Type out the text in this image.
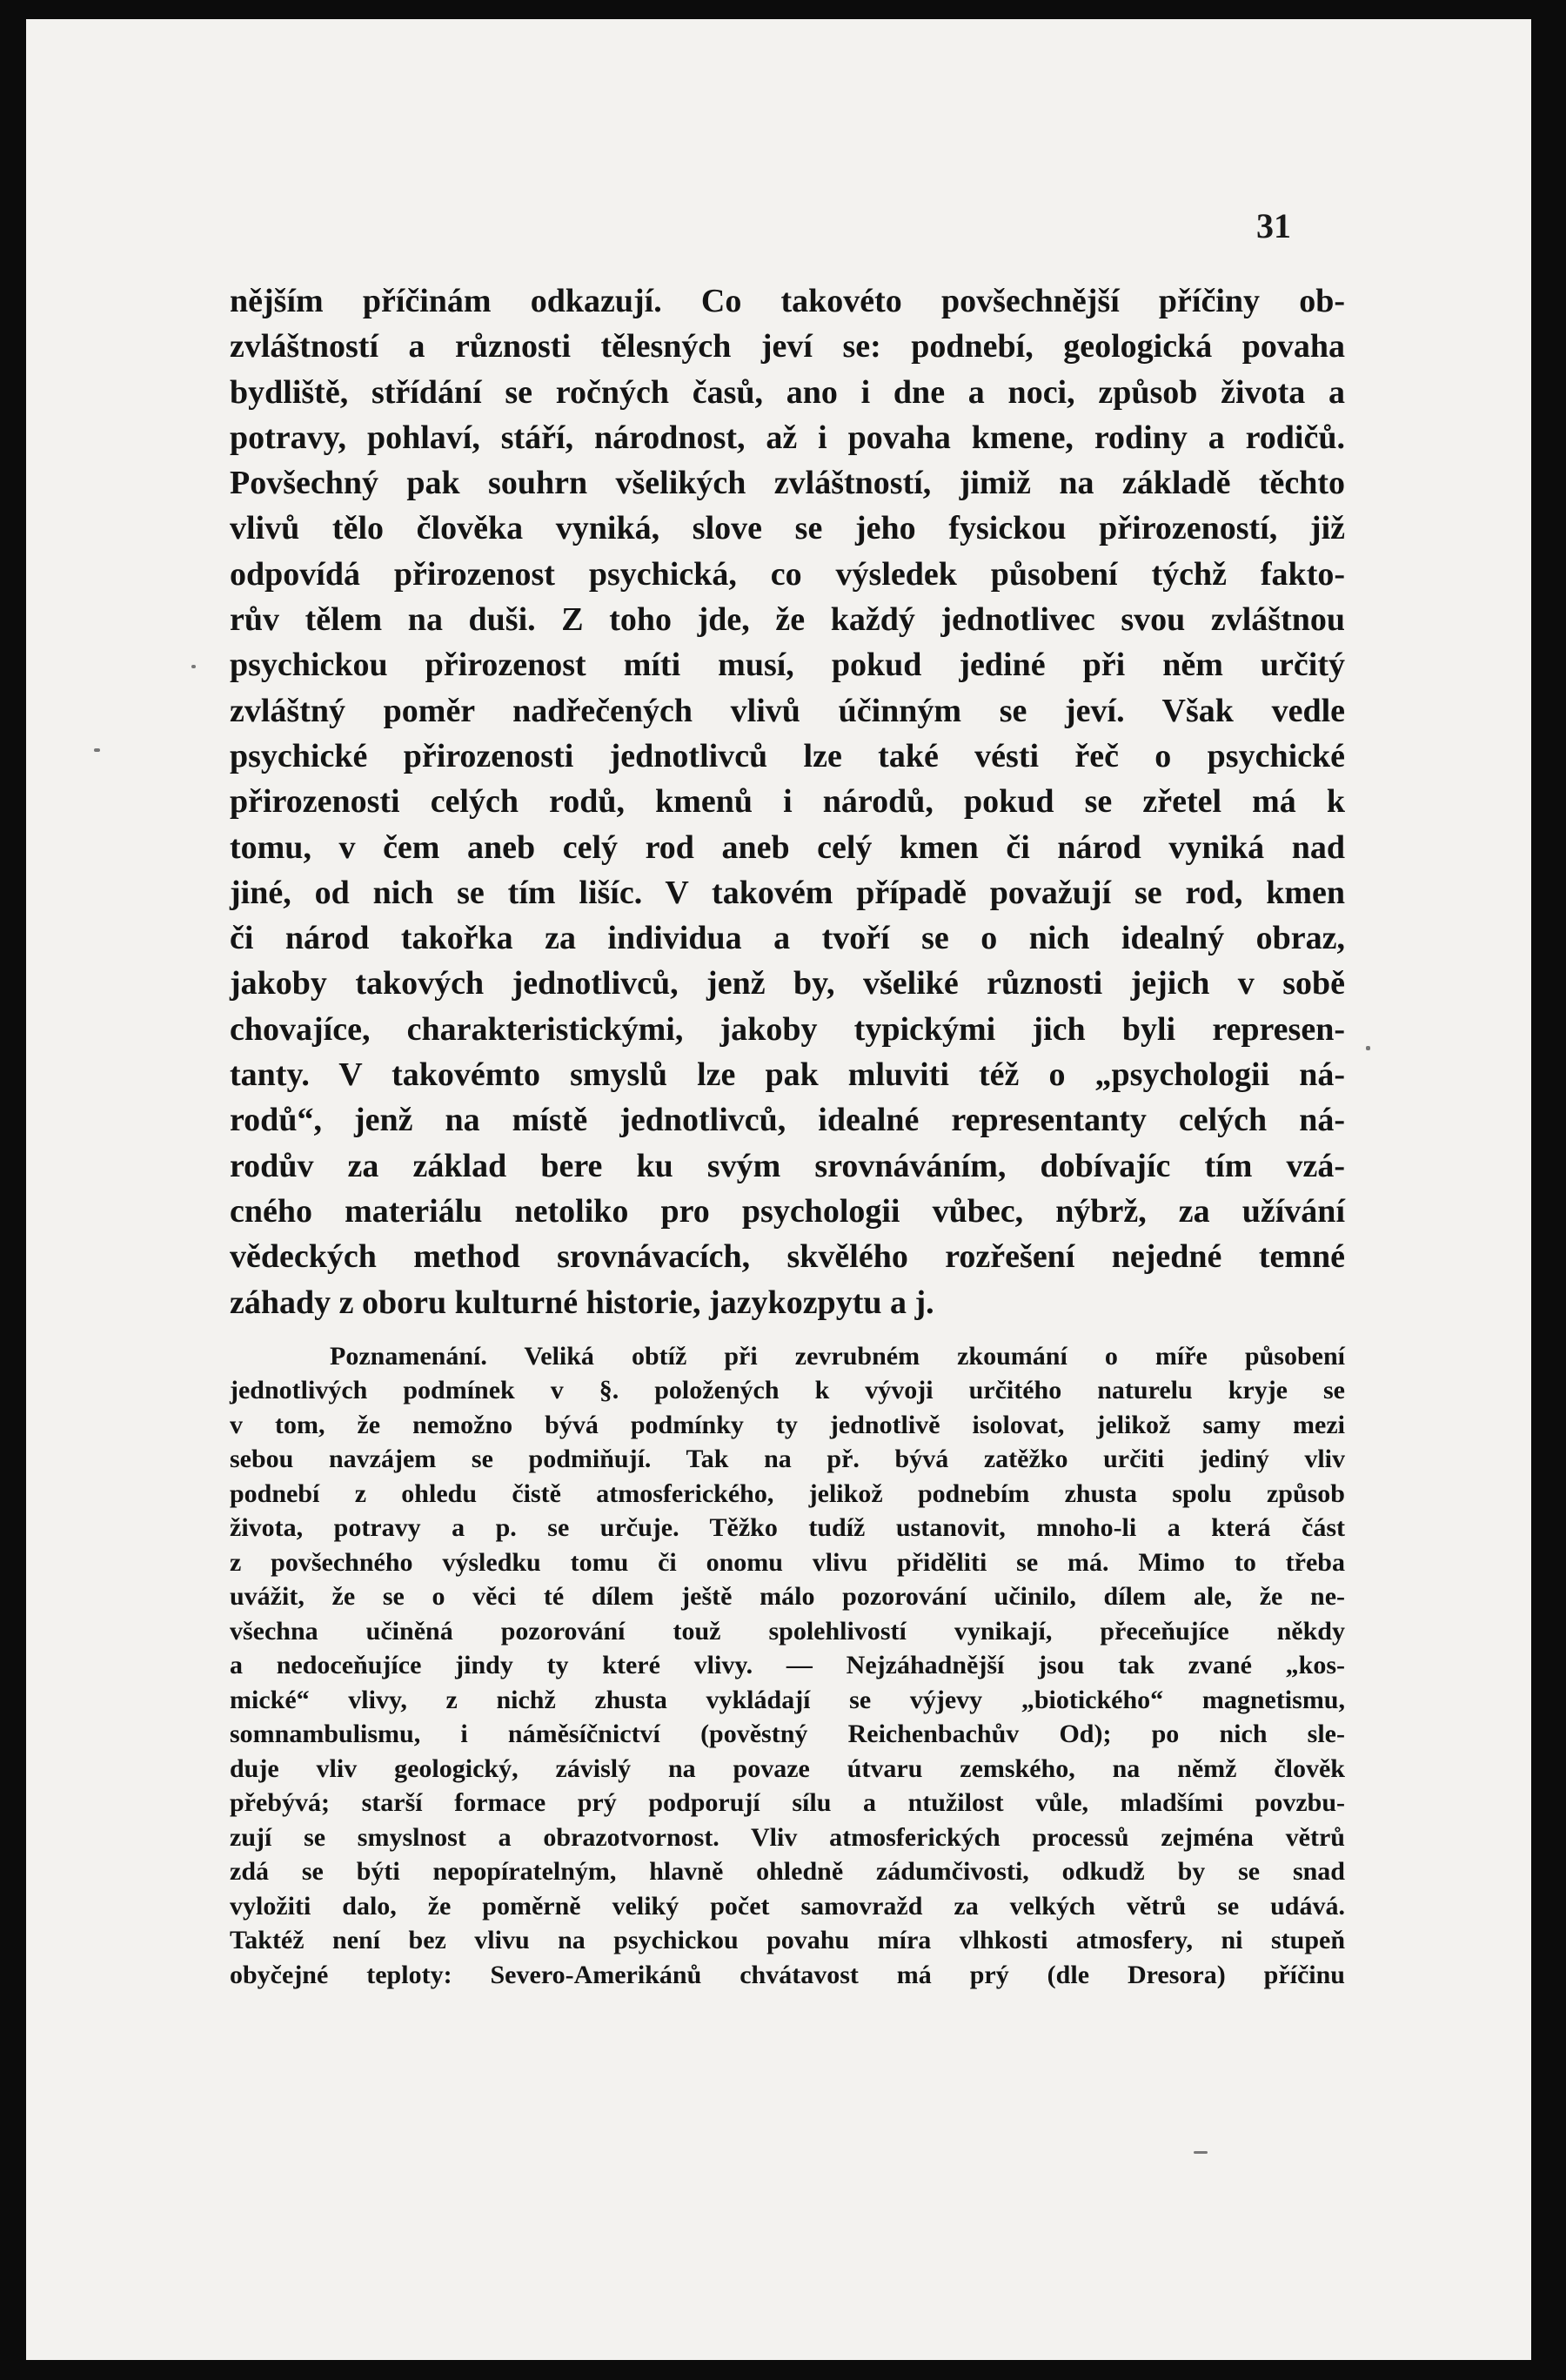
31
nějším příčinám odkazují. Co takovéto povšechnější příčiny ob-
zvláštností a různosti tělesných jeví se: podnebí, geologická povaha
bydliště, střídání se ročných časů, ano i dne a noci, způsob života a
potravy, pohlaví, stáří, národnost, až i povaha kmene, rodiny a rodičů.
Povšechný pak souhrn všelikých zvláštností, jimiž na základě těchto
vlivů tělo člověka vyniká, slove se jeho fysickou přirozeností, již
odpovídá přirozenost psychická, co výsledek působení týchž fakto-
rův tělem na duši. Z toho jde, že každý jednotlivec svou zvláštnou
psychickou přirozenost míti musí, pokud jediné při něm určitý
zvláštný poměr nadřečených vlivů účinným se jeví. Však vedle
psychické přirozenosti jednotlivců lze také vésti řeč o psychické
přirozenosti celých rodů, kmenů i národů, pokud se zřetel má k
tomu, v čem aneb celý rod aneb celý kmen či národ vyniká nad
jiné, od nich se tím lišíc. V takovém případě považují se rod, kmen
či národ takořka za individua a tvoří se o nich idealný obraz,
jakoby takových jednotlivců, jenž by, všeliké různosti jejich v sobě
chovajíce, charakteristickými, jakoby typickými jich byli represen-
tanty. V takovémto smyslů lze pak mluviti též o „psychologii ná-
rodů“, jenž na místě jednotlivců, idealné representanty celých ná-
rodův za základ bere ku svým srovnáváním, dobívajíc tím vzá-
cného materiálu netoliko pro psychologii vůbec, nýbrž, za užívání
vědeckých method srovnávacích, skvělého rozřešení nejedné temné
záhady z oboru kulturné historie, jazykozpytu a j.
Poznamenání. Veliká obtíž při zevrubném zkoumání o míře působení
jednotlivých podmínek v §. položených k vývoji určitého naturelu kryje se
v tom, že nemožno bývá podmínky ty jednotlivě isolovat, jelikož samy mezi
sebou navzájem se podmiňují. Tak na př. bývá zatěžko určiti jediný vliv
podnebí z ohledu čistě atmosferického, jelikož podnebím zhusta spolu způsob
života, potravy a p. se určuje. Těžko tudíž ustanovit, mnoho-li a která část
z povšechného výsledku tomu či onomu vlivu přiděliti se má. Mimo to třeba
uvážit, že se o věci té dílem ještě málo pozorování učinilo, dílem ale, že ne-
všechna učiněná pozorování touž spolehlivostí vynikají, přeceňujíce někdy
a nedoceňujíce jindy ty které vlivy. — Nejzáhadnější jsou tak zvané „kos-
mické“ vlivy, z nichž zhusta vykládají se výjevy „biotického“ magnetismu,
somnambulismu, i náměsíčnictví (pověstný Reichenbachův Od); po nich sle-
duje vliv geologický, závislý na povaze útvaru zemského, na němž člověk
přebývá; starší formace prý podporují sílu a ntužilost vůle, mladšími povzbu-
zují se smyslnost a obrazotvornost. Vliv atmosferických processů zejména větrů
zdá se býti nepopíratelným, hlavně ohledně zádumčivosti, odkudž by se snad
vyložiti dalo, že poměrně veliký počet samovražd za velkých větrů se udává.
Taktéž není bez vlivu na psychickou povahu míra vlhkosti atmosfery, ni stupeň
obyčejné teploty: Severo-Amerikánů chvátavost má prý (dle Dresora) příčinu
